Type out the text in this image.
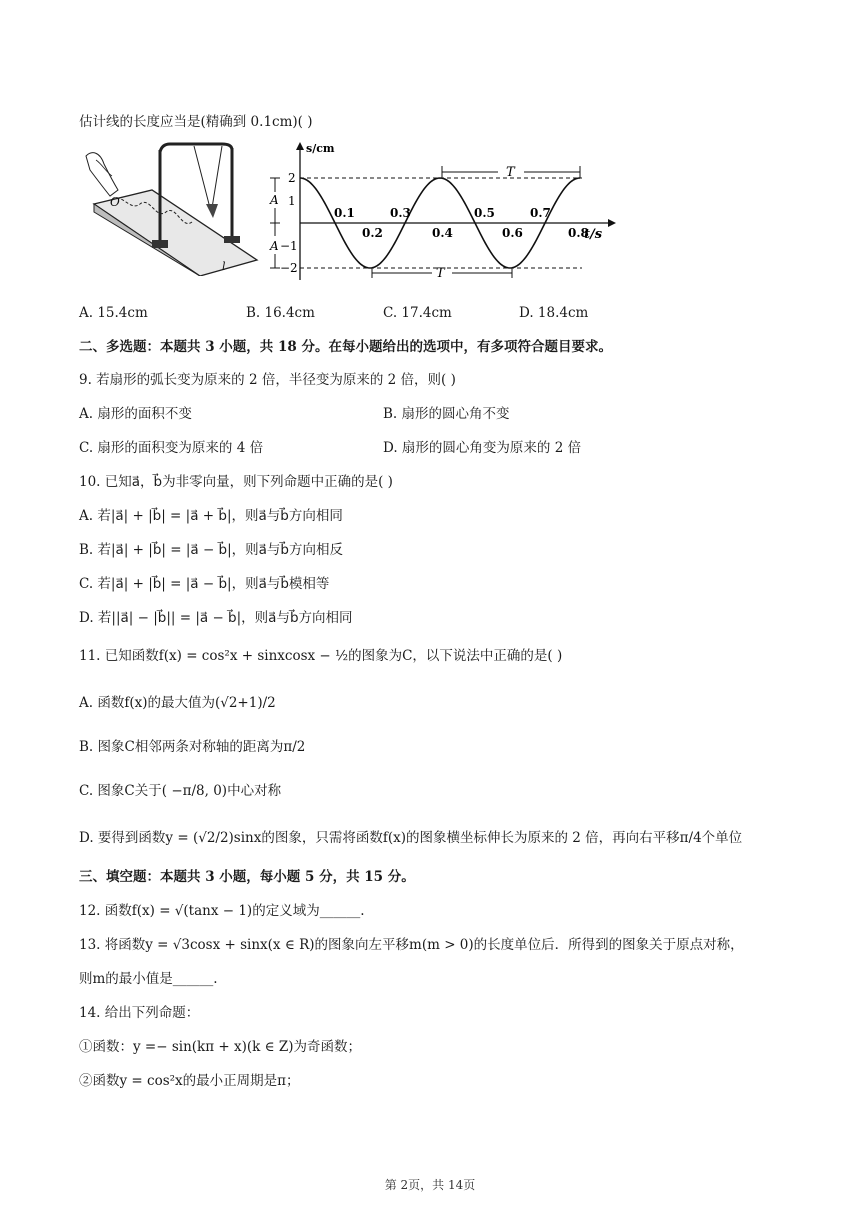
估计线的长度应当是(精确到 0.1cm)( )
O
l
s/cm
t/s
2
1
−1
−2
A
A
T
T
0.1
0.2
0.3
0.4
0.5
0.6
0.7
0.8
A. 15.4cm	B. 16.4cm	C. 17.4cm	D. 18.4cm
二、多选题：本题共 3 小题，共 18 分。在每小题给出的选项中，有多项符合题目要求。
9. 若扇形的弧长变为原来的 2 倍，半径变为原来的 2 倍，则( )
A. 扇形的面积不变	B. 扇形的圆心角不变
C. 扇形的面积变为原来的 4 倍	D. 扇形的圆心角变为原来的 2 倍
10. 已知a⃗，b⃗为非零向量，则下列命题中正确的是( )
A. 若|a⃗| + |b⃗| = |a⃗ + b⃗|，则a⃗与b⃗方向相同
B. 若|a⃗| + |b⃗| = |a⃗ − b⃗|，则a⃗与b⃗方向相反
C. 若|a⃗| + |b⃗| = |a⃗ − b⃗|，则a⃗与b⃗模相等
D. 若||a⃗| − |b⃗|| = |a⃗ − b⃗|，则a⃗与b⃗方向相同
11. 已知函数f(x) = cos²x + sinxcosx − ½的图象为C，以下说法中正确的是( )
A. 函数f(x)的最大值为(√2+1)/2
B. 图象C相邻两条对称轴的距离为π/2
C. 图象C关于( −π/8, 0)中心对称
D. 要得到函数y = (√2/2)sinx的图象，只需将函数f(x)的图象横坐标伸长为原来的 2 倍，再向右平移π/4个单位
三、填空题：本题共 3 小题，每小题 5 分，共 15 分。
12. 函数f(x) = √(tanx − 1)的定义域为______.
13. 将函数y = √3cosx + sinx(x ∈ R)的图象向左平移m(m > 0)的长度单位后．所得到的图象关于原点对称，
则m的最小值是______.
14. 给出下列命题：
①函数：y =− sin(kπ + x)(k ∈ Z)为奇函数；
②函数y = cos²x的最小正周期是π；
第 2页，共 14页
